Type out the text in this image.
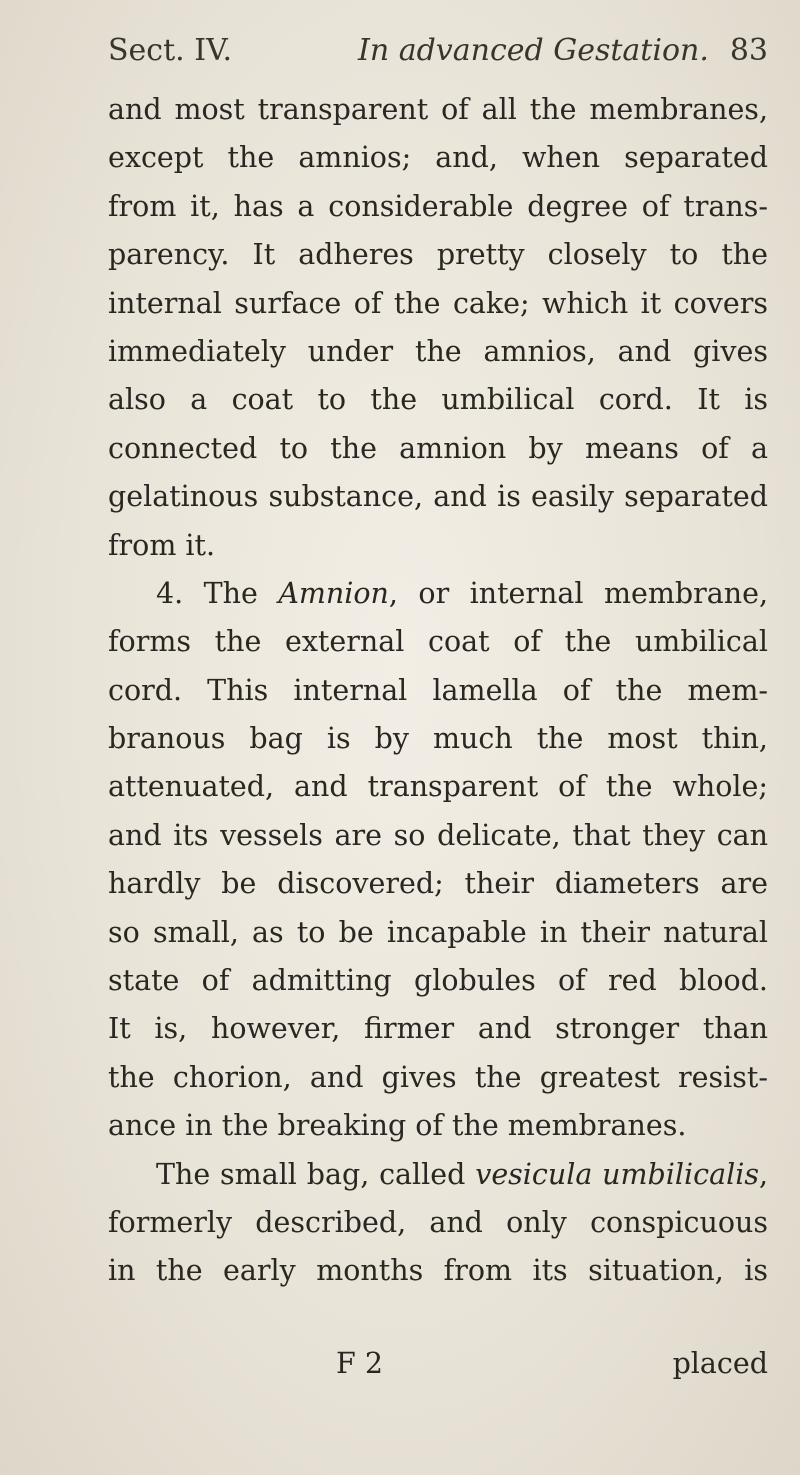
Sect. IV.	In advanced Gestation. 83
and most transparent of all the membranes,
except the amnios; and, when separated
from it, has a considerable degree of trans-
parency. It adheres pretty closely to the
internal surface of the cake; which it covers
immediately under the amnios, and gives
also a coat to the umbilical cord. It is
connected to the amnion by means of a
gelatinous substance, and is easily separated
from it.
4. The Amnion, or internal membrane,
forms the external coat of the umbilical
cord. This internal lamella of the mem-
branous bag is by much the most thin,
attenuated, and transparent of the whole;
and its vessels are so delicate, that they can
hardly be discovered; their diameters are
so small, as to be incapable in their natural
state of admitting globules of red blood.
It is, however, firmer and stronger than
the chorion, and gives the greatest resist-
ance in the breaking of the membranes.
The small bag, called vesicula umbilicalis,
formerly described, and only conspicuous
in the early months from its situation, is
F 2	placed
